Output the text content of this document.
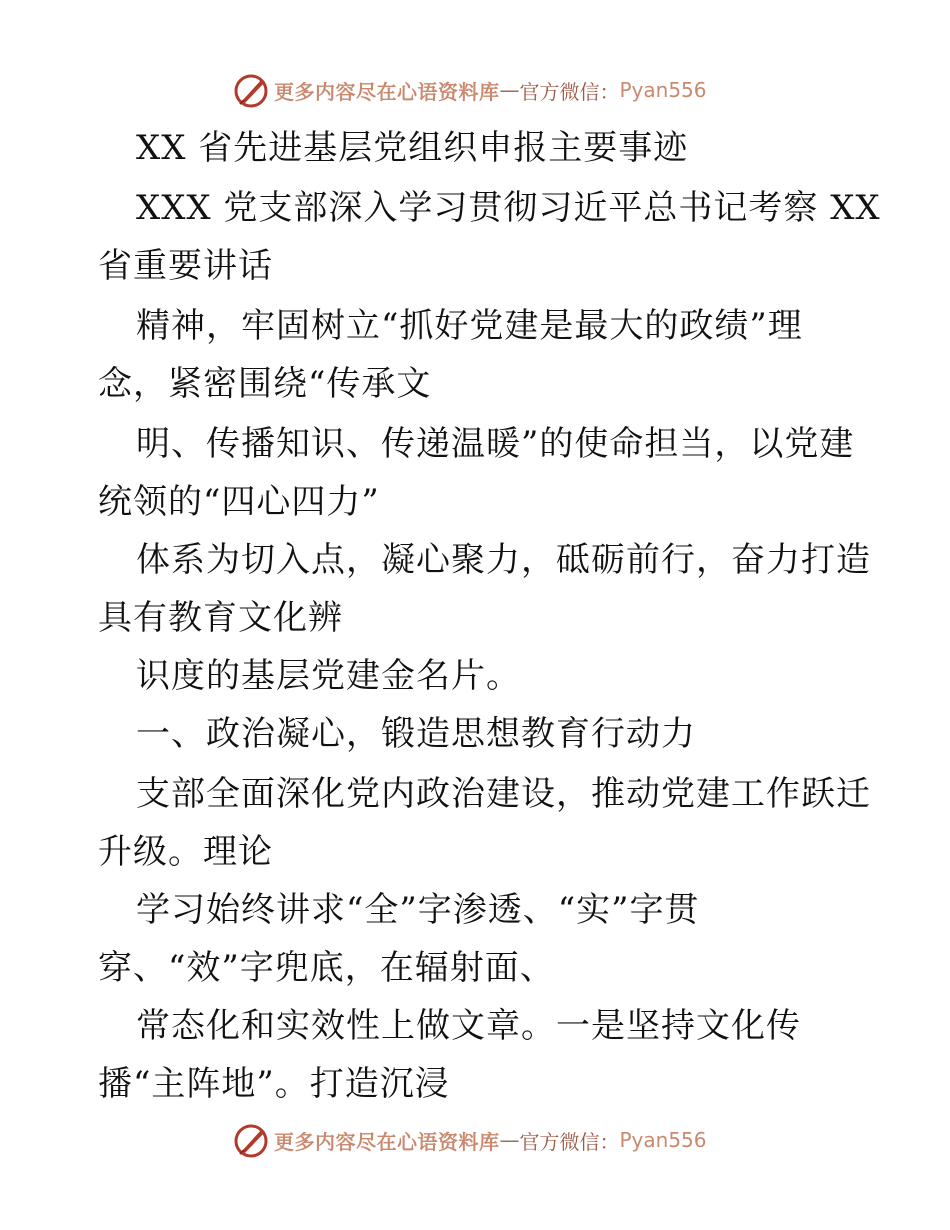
更多内容尽在心语资料库 — 官方微信： Pyan556
XX 省先进基层党组织申报主要事迹
XXX 党支部深入学习贯彻习近平总书记考察 XX
省重要讲话
精神，牢固树立“抓好党建是最大的政绩”理
念，紧密围绕“传承文
明、传播知识、传递温暖”的使命担当，以党建
统领的“四心四力”
体系为切入点，凝心聚力，砥砺前行，奋力打造
具有教育文化辨
识度的基层党建金名片。
一、政治凝心，锻造思想教育行动力
支部全面深化党内政治建设，推动党建工作跃迁
升级。理论
学习始终讲求“全”字渗透、“实”字贯
穿、“效”字兜底，在辐射面、
常态化和实效性上做文章。一是坚持文化传
播“主阵地”。打造沉浸
更多内容尽在心语资料库 — 官方微信： Pyan556
